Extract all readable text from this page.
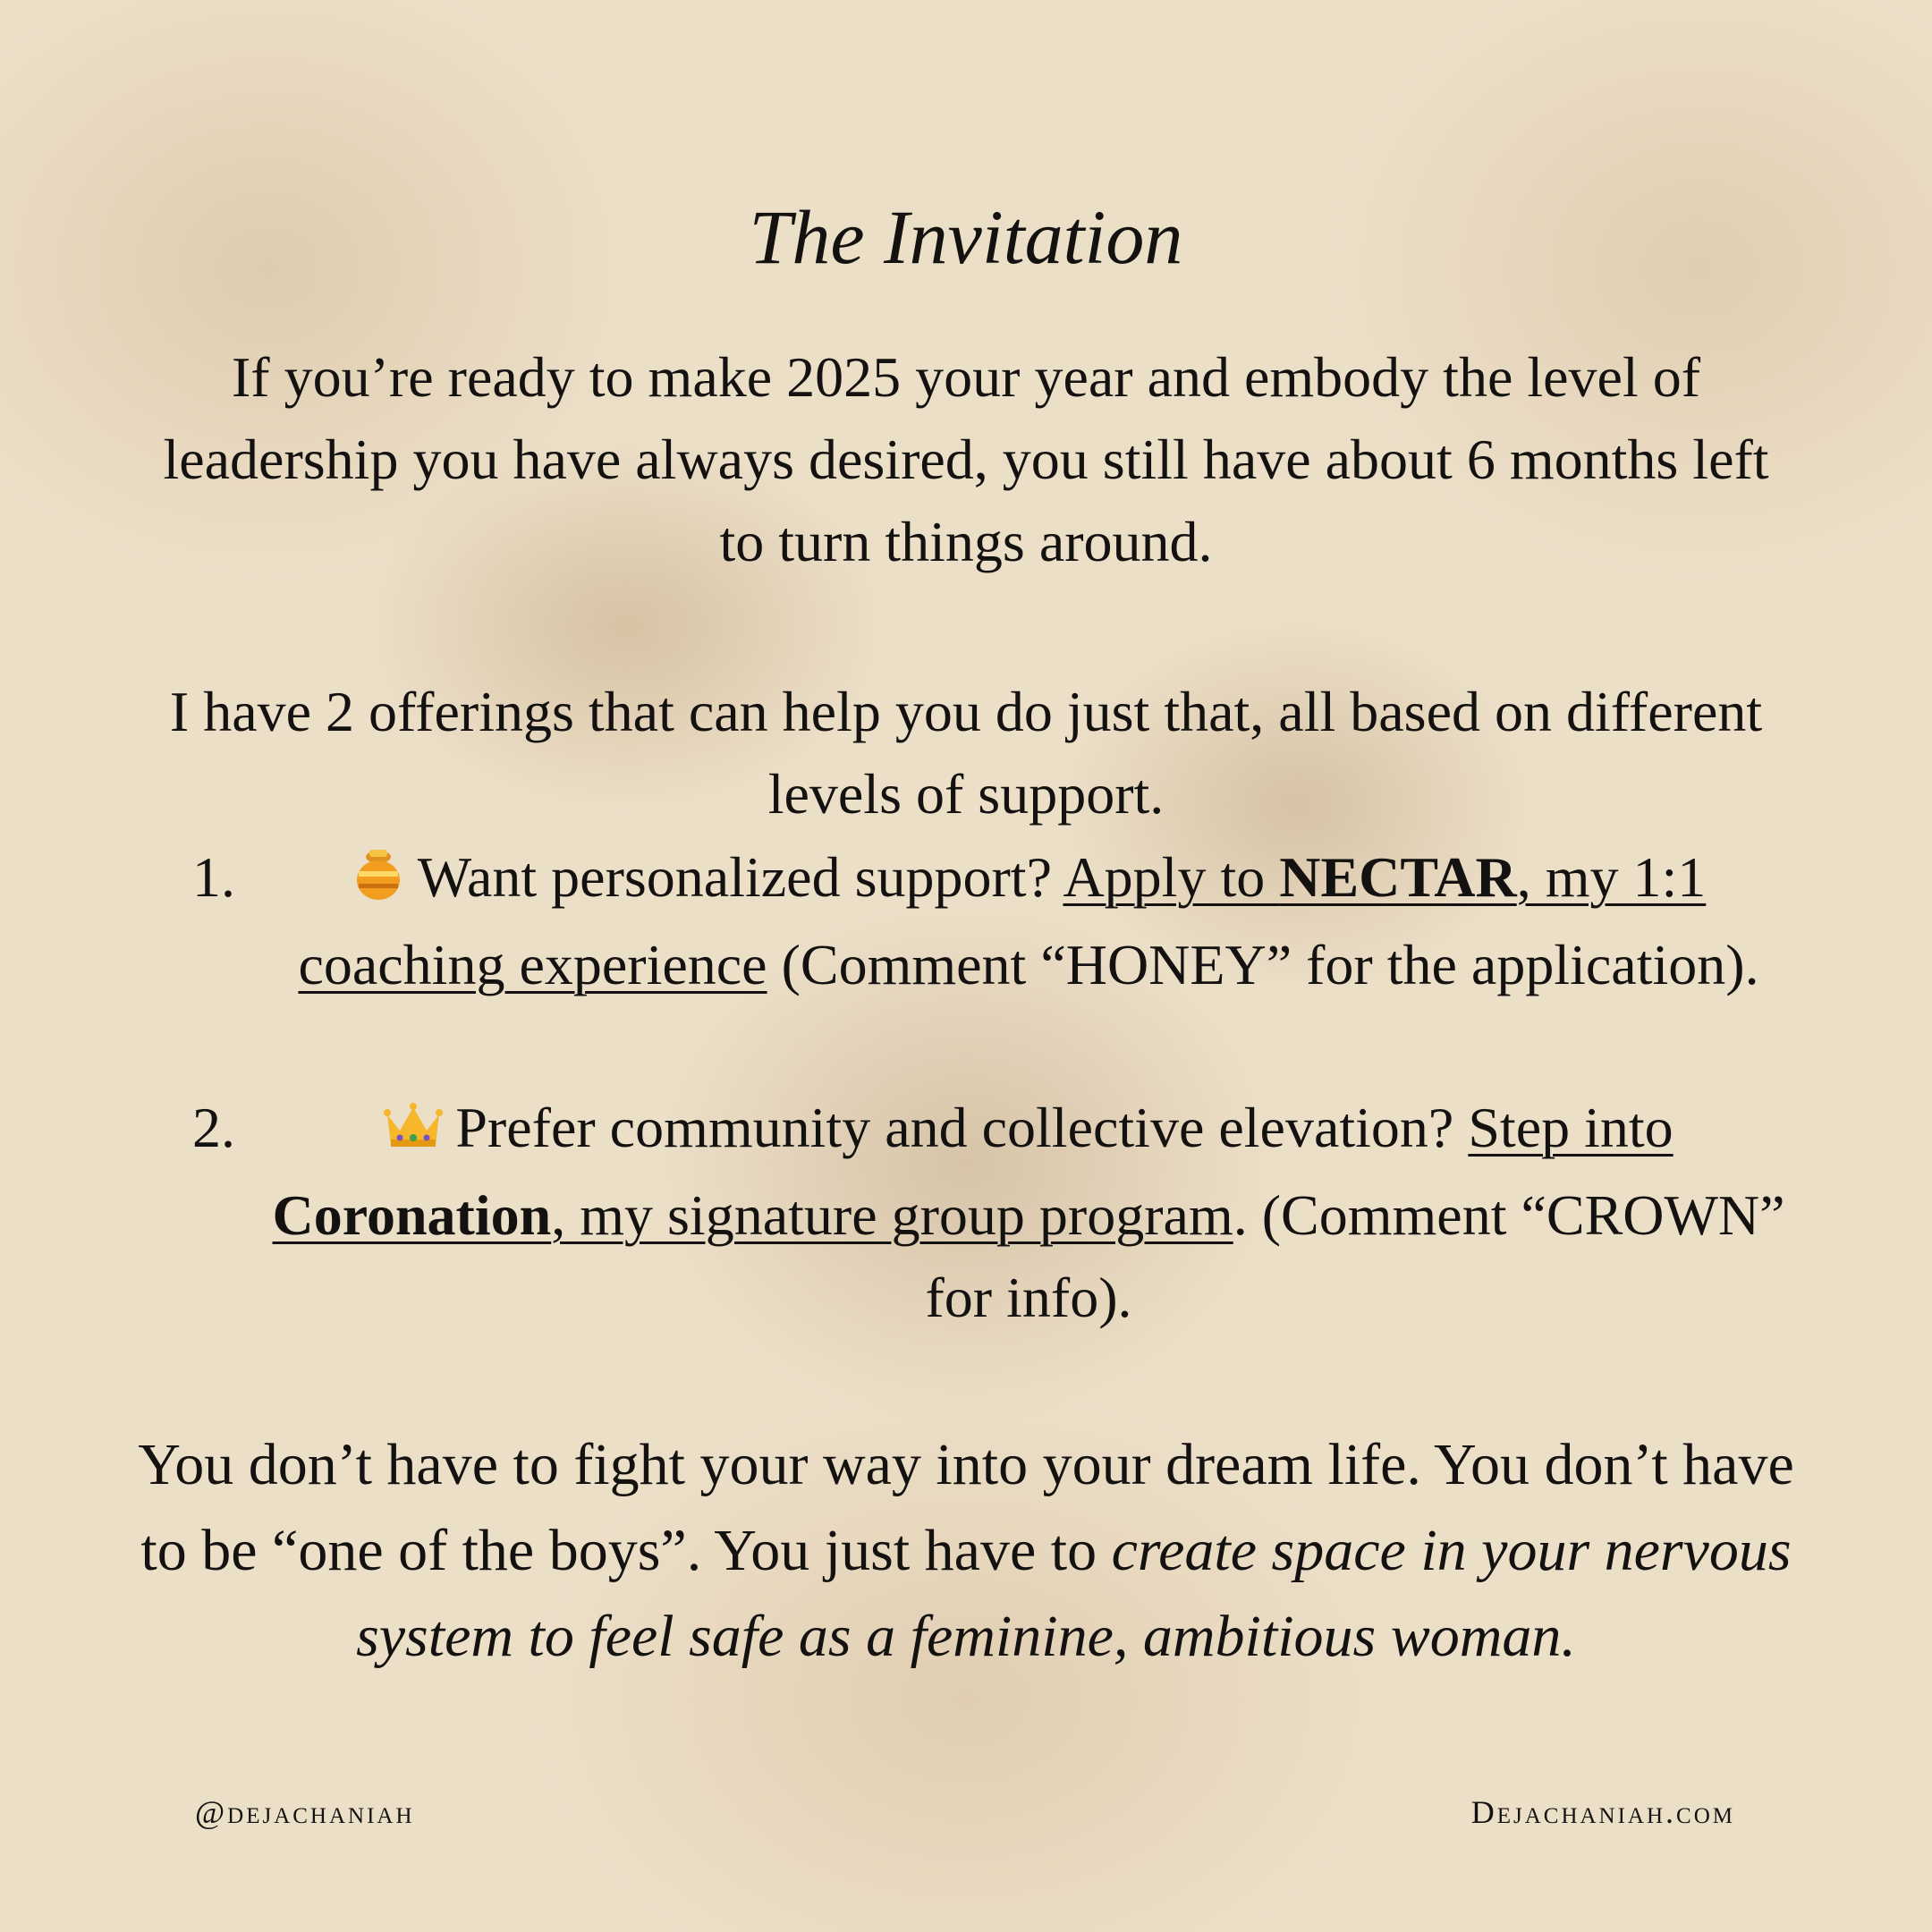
The Invitation
If you’re ready to make 2025 your year and embody the level of leadership you have always desired, you still have about 6 months left to turn things around.
I have 2 offerings that can help you do just that, all based on different levels of support.
1.	Want personalized support? Apply to NECTAR, my 1:1 coaching experience (Comment “HONEY” for the application).
2.	Prefer community and collective elevation? Step into Coronation, my signature group program. (Comment “CROWN” for info).
You don’t have to fight your way into your dream life. You don’t have to be “one of the boys”. You just have to create space in your nervous system to feel safe as a feminine, ambitious woman.
@dejachaniah	Dejachaniah.com
